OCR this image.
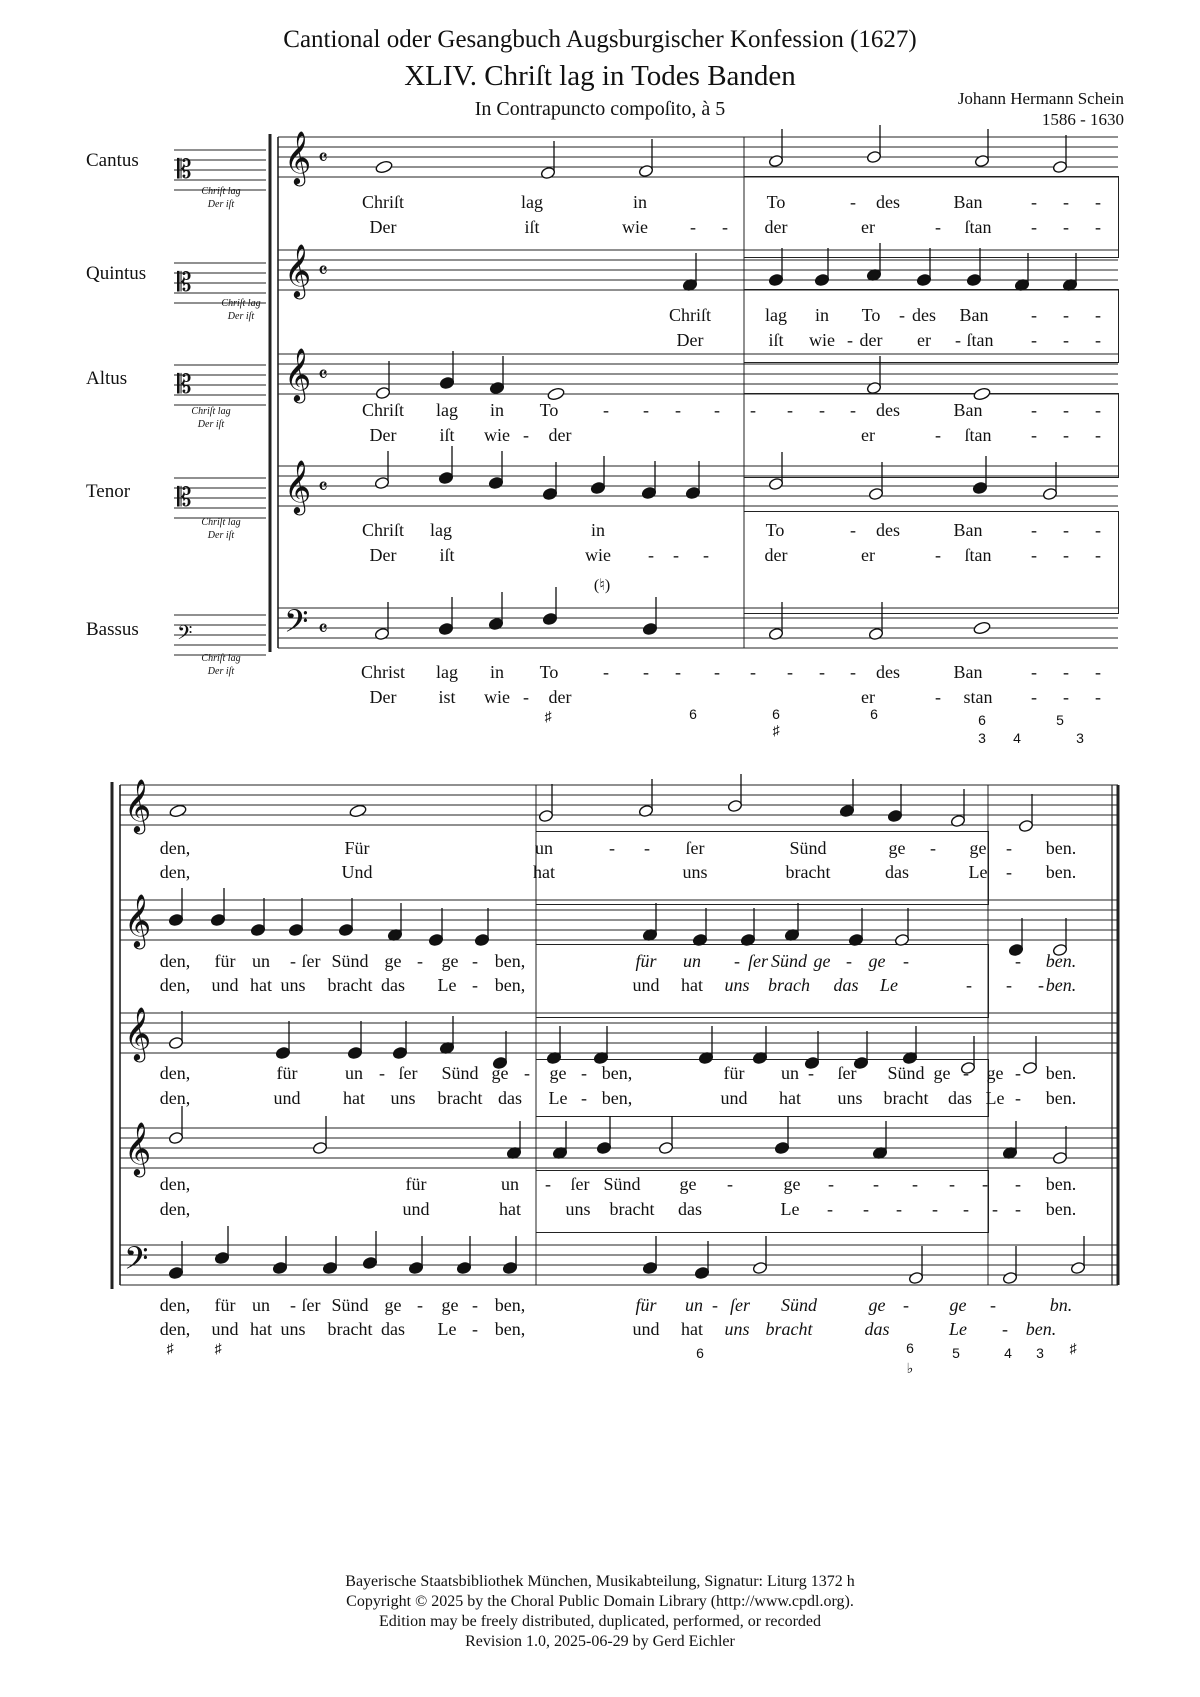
Cantional oder Gesangbuch Augsburgischer Konfession (1627)
XLIV. Chriſt lag in Todes Banden
In Contrapuncto compoſito, à 5	Johann Hermann Schein
1586 - 1630
Cantus
Quintus
Altus
Tenor
Bassus
Chriſt lag
Der iſt
Chriſt lag
Der iſt
Chriſt lag
Der iſt
Chriſt lag
Der iſt
Chriſt lag
Der iſt
𝄞 𝄴
𝄞 𝄴
𝄞 𝄴
𝄞 𝄴
𝄢 𝄴
𝄡
𝄡
𝄡
𝄡
𝄢
𝄞
𝄞
𝄞
𝄞
𝄢
Chriſt	lag	in	To	- des	Ban	- - -
Der	iſt	wie - - der	er	- ſtan - - -
Chriſt	lag in To - des Ban - - -
Der	iſt wie - der er - ſtan - - -
Chriſt lag in To - - - - - - - - des	Ban	- - -
Der iſt wie - der	er	- ſtan - - -
Chriſt lag	in	To	- des	Ban	- - -
Der iſt	wie - - -	der	er	- ſtan - - -
Christ lag in To - - - - - - - - des	Ban	- - -
Der ist wie - der	er	- stan - - -
♯	6	6
♯
6	6
3 4
5
3
(♮)
den,	Für	un	- - ſer	Sünd	ge - ge - ben.
den,	Und	hat	uns	bracht	das	Le - ben.
den, für un - ſer Sünd ge - ge - ben,	für un - ſer Sünd ge - ge -	- ben.
den, und hat uns bracht das Le - ben,	und hat uns brach das Le	- - - ben.
den,	für	un - ſer Sünd ge - ge - ben,	für un - ſer Sünd ge - ge - ben.
den,	und hat uns bracht das Le - ben,	und hat uns bracht das Le - ben.
den,	für	un - ſer Sünd ge -	ge - - - - - - ben.
den,	und	hat uns bracht das	Le - - - - - - - ben.
den, für un - ſer Sünd ge - ge - ben,	für un - ſer Sünd	ge - ge -	bn.
den, und hat uns bracht das Le - ben,	und hat uns bracht	das	Le - ben.
♯	♯	6	6
♭
5	4 3 ♯
Bayerische Staatsbibliothek München, Musikabteilung, Signatur: Liturg 1372 h
Copyright © 2025 by the Choral Public Domain Library (http://www.cpdl.org).
Edition may be freely distributed, duplicated, performed, or recorded
Revision 1.0, 2025-06-29 by Gerd Eichler
